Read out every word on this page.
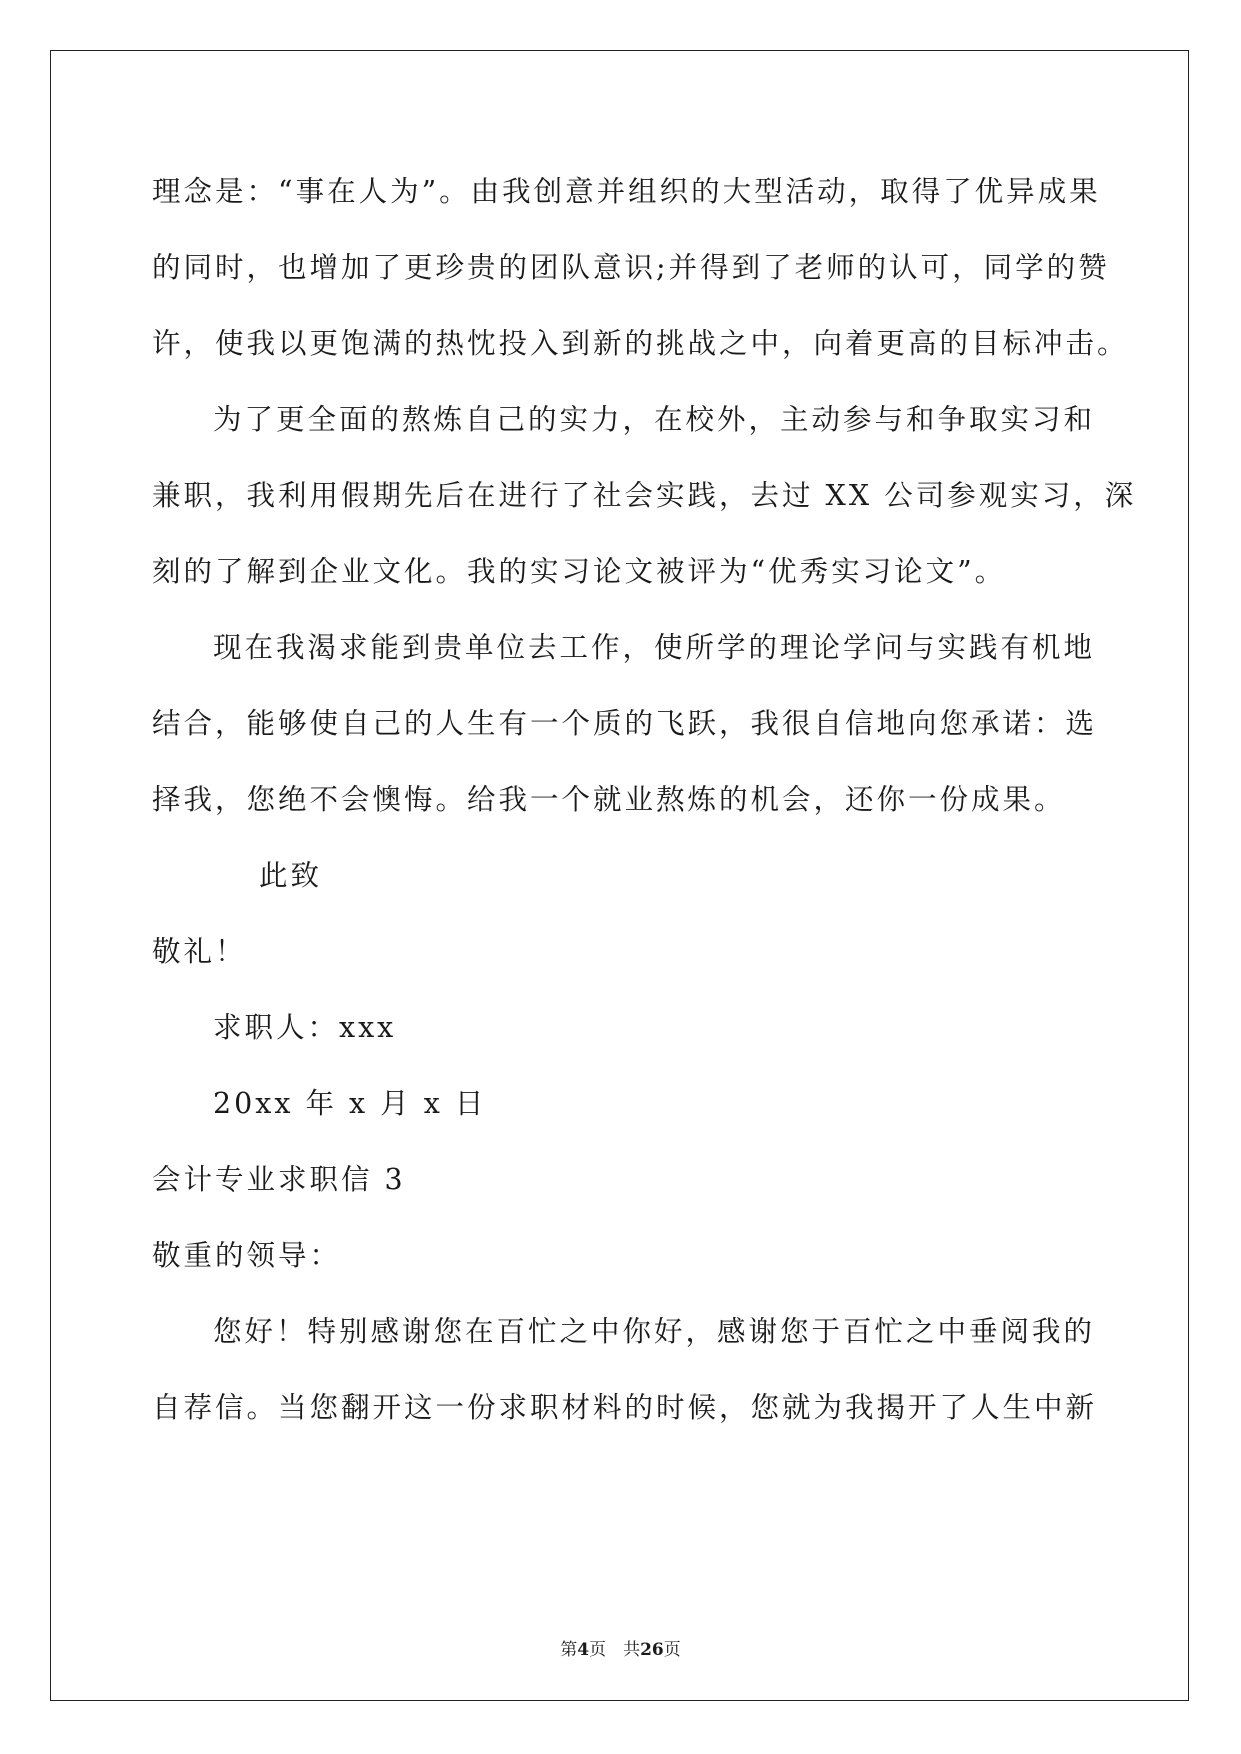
理念是：“事在人为”。由我创意并组织的大型活动，取得了优异成果
的同时，也增加了更珍贵的团队意识;并得到了老师的认可，同学的赞
许，使我以更饱满的热忱投入到新的挑战之中，向着更高的目标冲击。
为了更全面的熬炼自己的实力，在校外，主动参与和争取实习和
兼职，我利用假期先后在进行了社会实践，去过 XX 公司参观实习，深
刻的了解到企业文化。我的实习论文被评为“优秀实习论文”。
现在我渴求能到贵单位去工作，使所学的理论学问与实践有机地
结合，能够使自己的人生有一个质的飞跃，我很自信地向您承诺：选
择我，您绝不会懊悔。给我一个就业熬炼的机会，还你一份成果。
此致
敬礼！
求职人：xxx
20xx 年 x 月 x 日
会计专业求职信 3
敬重的领导：
您好！特别感谢您在百忙之中你好，感谢您于百忙之中垂阅我的
自荐信。当您翻开这一份求职材料的时候，您就为我揭开了人生中新
第4页　共26页
